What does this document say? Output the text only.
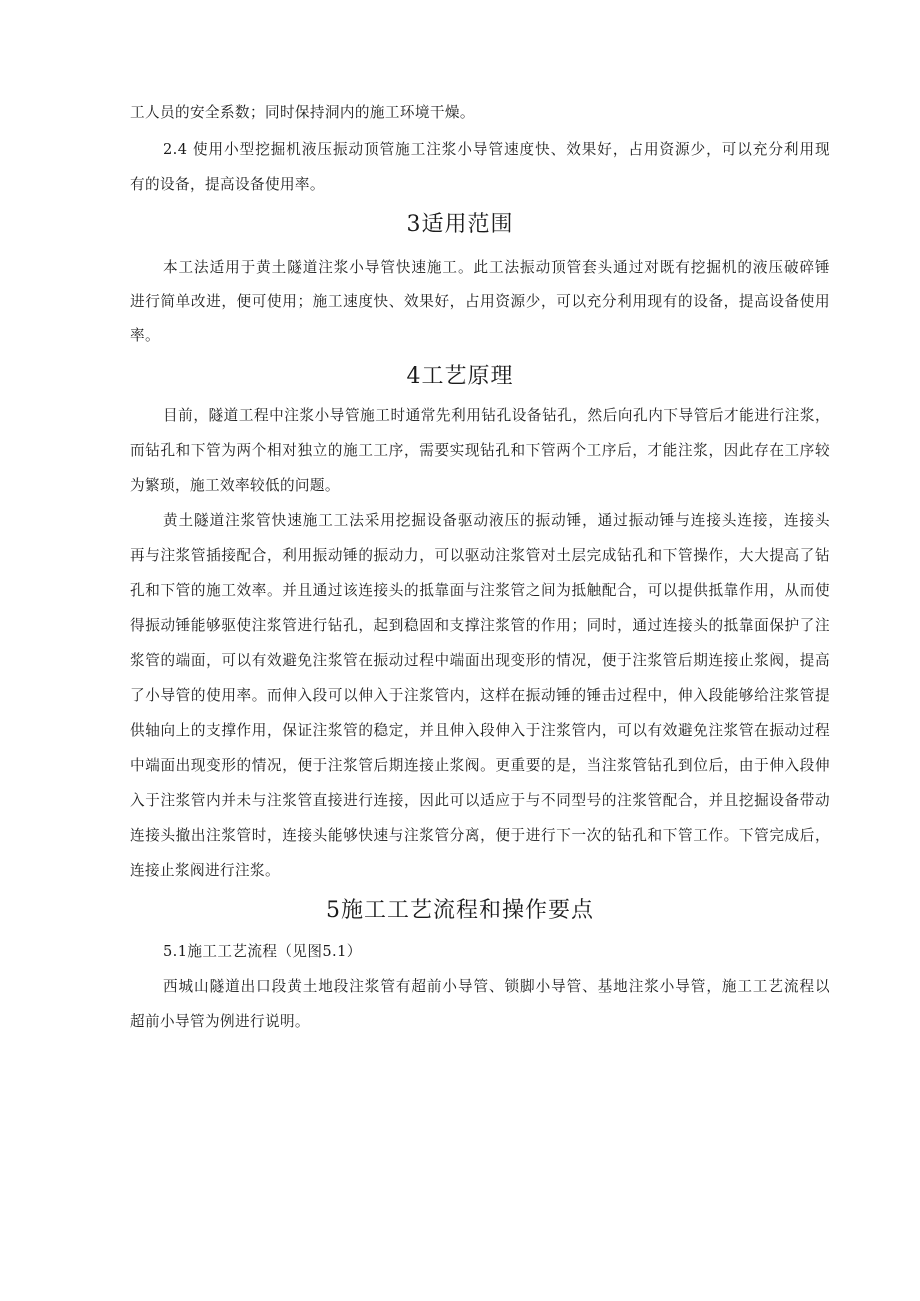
工人员的安全系数；同时保持洞内的施工环境干燥。
2.4 使用小型挖掘机液压振动顶管施工注浆小导管速度快、效果好，占用资源少，可以充分利用现
有的设备，提高设备使用率。
3适用范围
本工法适用于黄土隧道注浆小导管快速施工。此工法振动顶管套头通过对既有挖掘机的液压破碎锤
进行简单改进，便可使用；施工速度快、效果好，占用资源少，可以充分利用现有的设备，提高设备使用
率。
4工艺原理
目前，隧道工程中注浆小导管施工时通常先利用钻孔设备钻孔，然后向孔内下导管后才能进行注浆，
而钻孔和下管为两个相对独立的施工工序，需要实现钻孔和下管两个工序后，才能注浆，因此存在工序较
为繁琐，施工效率较低的问题。
黄土隧道注浆管快速施工工法采用挖掘设备驱动液压的振动锤，通过振动锤与连接头连接，连接头
再与注浆管插接配合，利用振动锤的振动力，可以驱动注浆管对土层完成钻孔和下管操作，大大提高了钻
孔和下管的施工效率。并且通过该连接头的抵靠面与注浆管之间为抵触配合，可以提供抵靠作用，从而使
得振动锤能够驱使注浆管进行钻孔，起到稳固和支撑注浆管的作用；同时，通过连接头的抵靠面保护了注
浆管的端面，可以有效避免注浆管在振动过程中端面出现变形的情况，便于注浆管后期连接止浆阀，提高
了小导管的使用率。而伸入段可以伸入于注浆管内，这样在振动锤的锤击过程中，伸入段能够给注浆管提
供轴向上的支撑作用，保证注浆管的稳定，并且伸入段伸入于注浆管内，可以有效避免注浆管在振动过程
中端面出现变形的情况，便于注浆管后期连接止浆阀。更重要的是，当注浆管钻孔到位后，由于伸入段伸
入于注浆管内并未与注浆管直接进行连接，因此可以适应于与不同型号的注浆管配合，并且挖掘设备带动
连接头撤出注浆管时，连接头能够快速与注浆管分离，便于进行下一次的钻孔和下管工作。下管完成后，
连接止浆阀进行注浆。
5施工工艺流程和操作要点
5.1施工工艺流程（见图5.1）
西城山隧道出口段黄土地段注浆管有超前小导管、锁脚小导管、基地注浆小导管，施工工艺流程以
超前小导管为例进行说明。
